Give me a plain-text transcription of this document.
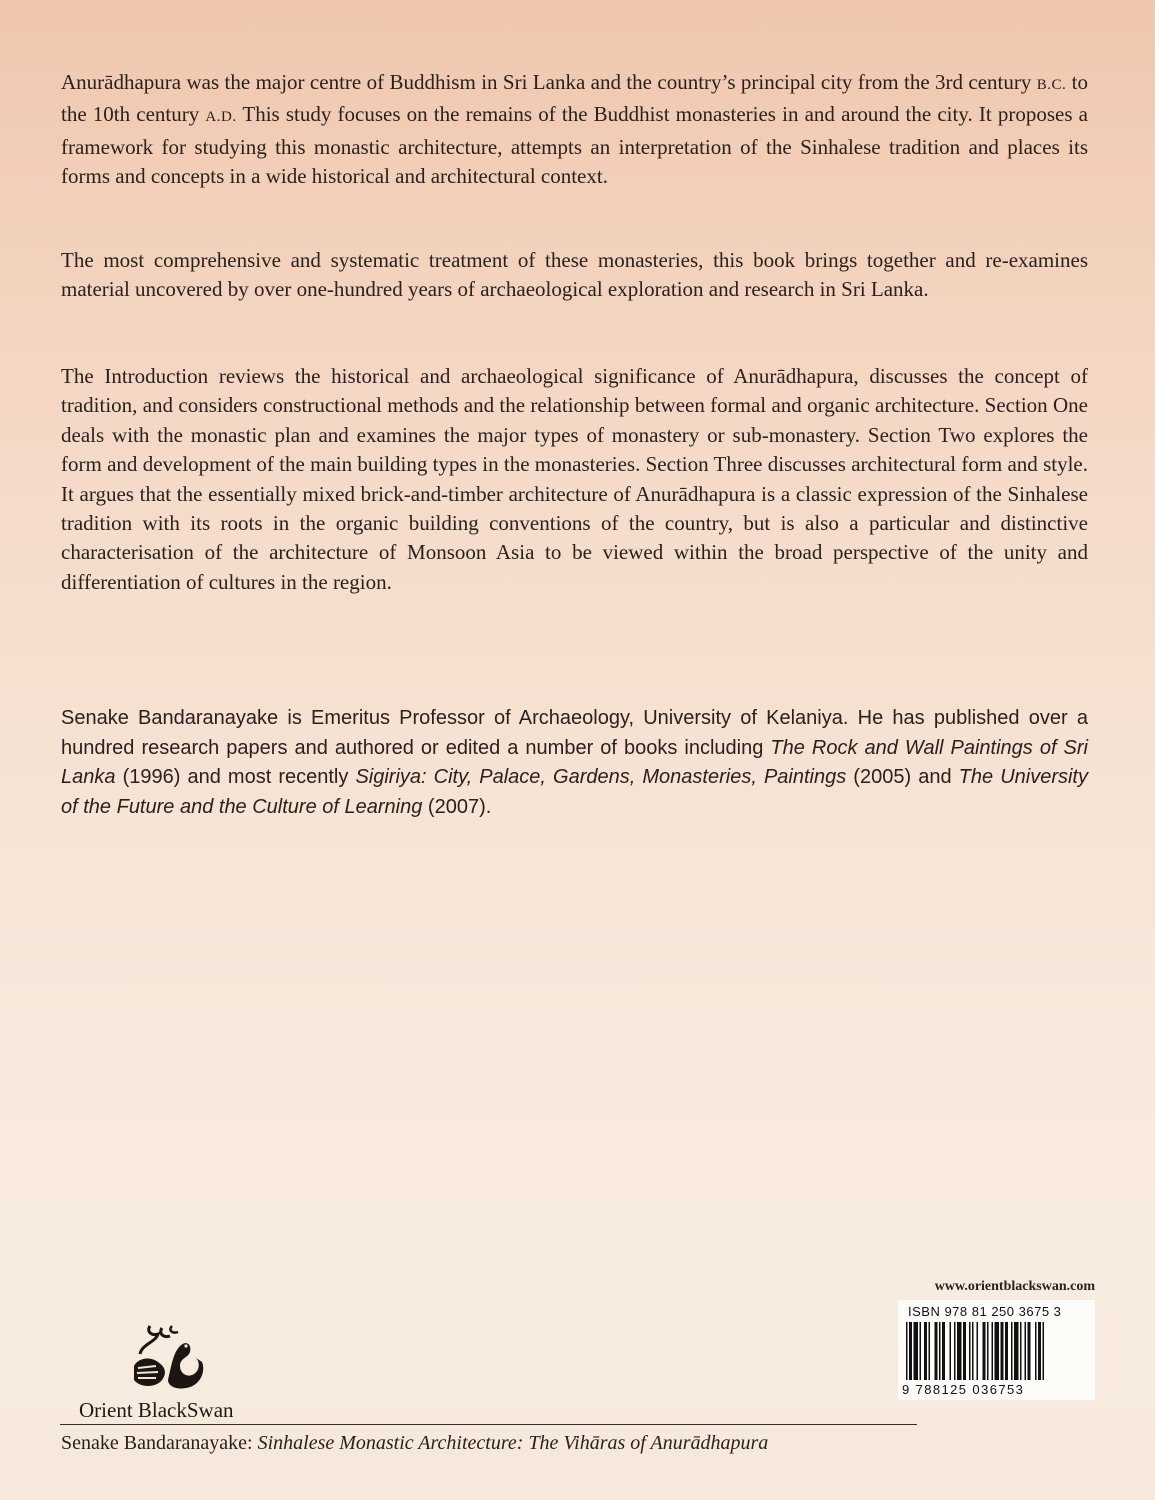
Anurādhapura was the major centre of Buddhism in Sri Lanka and the country’s principal city from the 3rd century B.C. to the 10th century A.D. This study focuses on the remains of the Buddhist monasteries in and around the city. It proposes a framework for studying this monastic architecture, attempts an interpretation of the Sinhalese tradition and places its forms and concepts in a wide historical and architectural context.

The most comprehensive and systematic treatment of these monasteries, this book brings together and re-examines material uncovered by over one-hundred years of archaeological exploration and research in Sri Lanka.

The Introduction reviews the historical and archaeological significance of Anurādhapura, discusses the concept of tradition, and considers constructional methods and the relationship between formal and organic architecture. Section One deals with the monastic plan and examines the major types of monastery or sub-monastery. Section Two explores the form and development of the main building types in the monasteries. Section Three discusses architectural form and style. It argues that the essentially mixed brick-and-timber architecture of Anurādhapura is a classic expression of the Sinhalese tradition with its roots in the organic building conventions of the country, but is also a particular and distinctive characterisation of the architecture of Monsoon Asia to be viewed within the broad perspective of the unity and differentiation of cultures in the region.

Senake Bandaranayake is Emeritus Professor of Archaeology, University of Kelaniya. He has published over a hundred research papers and authored or edited a number of books including The Rock and Wall Paintings of Sri Lanka (1996) and most recently Sigiriya: City, Palace, Gardens, Monasteries, Paintings (2005) and The University of the Future and the Culture of Learning (2007).

www.orientblackswan.com
ISBN 978 81 250 3675 3
9 788125 036753
Orient BlackSwan
Senake Bandaranayake: Sinhalese Monastic Architecture: The Vihāras of Anurādhapura
